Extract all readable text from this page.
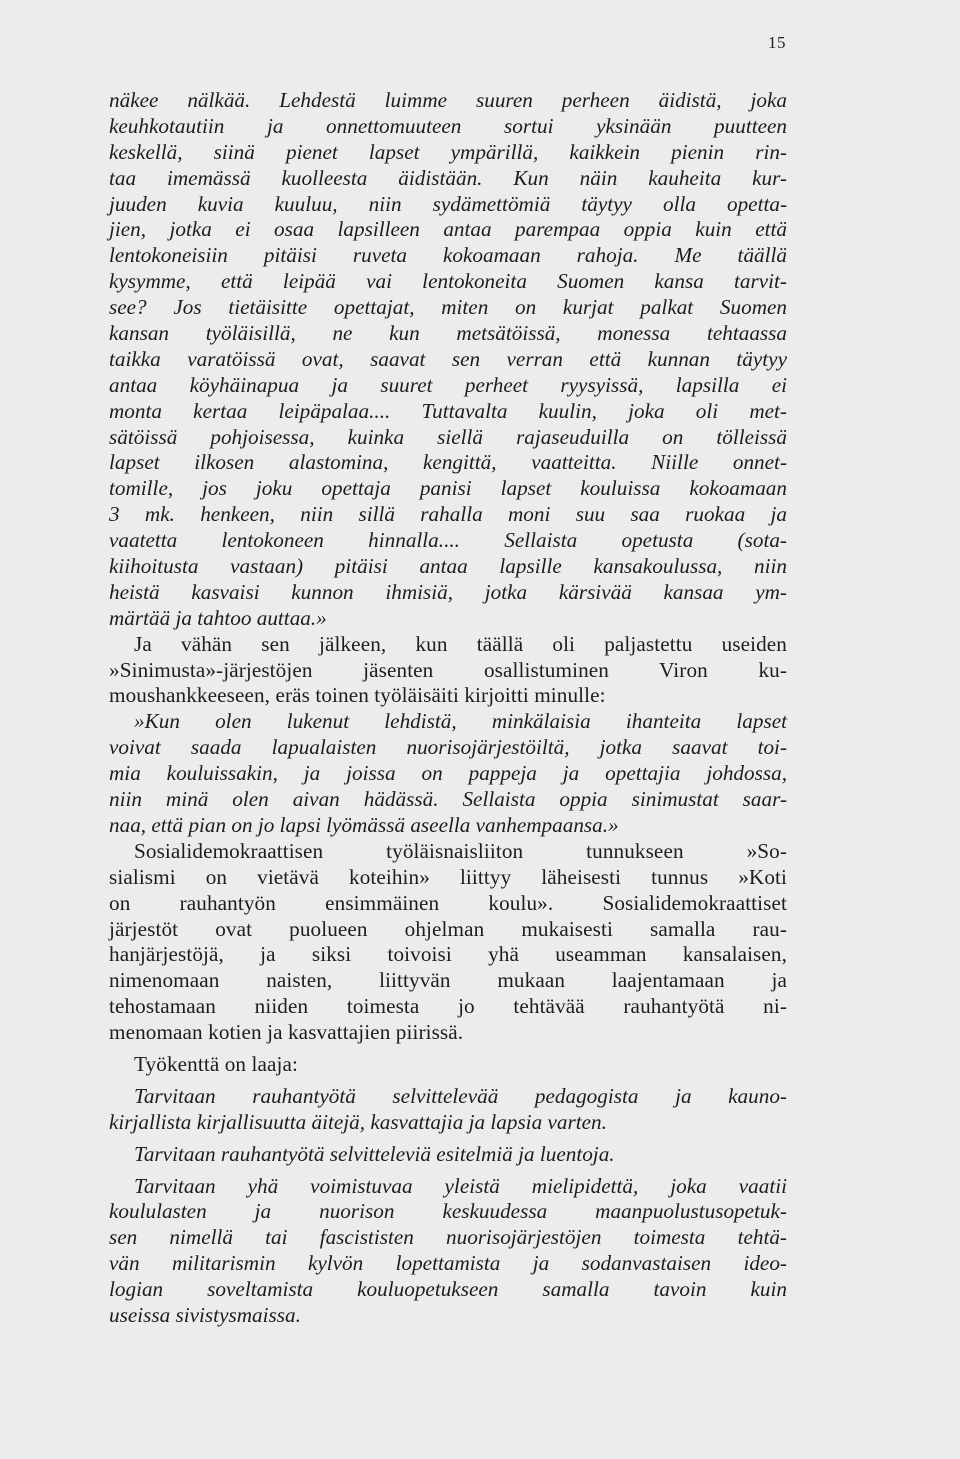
15
näkee nälkää. Lehdestä luimme suuren perheen äidistä, joka
keuhkotautiin ja onnettomuuteen sortui yksinään puutteen
keskellä, siinä pienet lapset ympärillä, kaikkein pienin rin-
taa imemässä kuolleesta äidistään. Kun näin kauheita kur-
juuden kuvia kuuluu, niin sydämettömiä täytyy olla opetta-
jien, jotka ei osaa lapsilleen antaa parempaa oppia kuin että
lentokoneisiin pitäisi ruveta kokoamaan rahoja. Me täällä
kysymme, että leipää vai lentokoneita Suomen kansa tarvit-
see? Jos tietäisitte opettajat, miten on kurjat palkat Suomen
kansan työläisillä, ne kun metsätöissä, monessa tehtaassa
taikka varatöissä ovat, saavat sen verran että kunnan täytyy
antaa köyhäinapua ja suuret perheet ryysyissä, lapsilla ei
monta kertaa leipäpalaa.... Tuttavalta kuulin, joka oli met-
sätöissä pohjoisessa, kuinka siellä rajaseuduilla on tölleissä
lapset ilkosen alastomina, kengittä, vaatteitta. Niille onnet-
tomille, jos joku opettaja panisi lapset kouluissa kokoamaan
3 mk. henkeen, niin sillä rahalla moni suu saa ruokaa ja
vaatetta lentokoneen hinnalla.... Sellaista opetusta (sota-
kiihoitusta vastaan) pitäisi antaa lapsille kansakoulussa, niin
heistä kasvaisi kunnon ihmisiä, jotka kärsivää kansaa ym-
märtää ja tahtoo auttaa.»
Ja vähän sen jälkeen, kun täällä oli paljastettu useiden
»Sinimusta»-järjestöjen jäsenten osallistuminen Viron ku-
moushankkeeseen, eräs toinen työläisäiti kirjoitti minulle:
»Kun olen lukenut lehdistä, minkälaisia ihanteita lapset
voivat saada lapualaisten nuorisojärjestöiltä, jotka saavat toi-
mia kouluissakin, ja joissa on pappeja ja opettajia johdossa,
niin minä olen aivan hädässä. Sellaista oppia sinimustat saar-
naa, että pian on jo lapsi lyömässä aseella vanhempaansa.»
Sosialidemokraattisen työläisnaisliiton tunnukseen »So-
sialismi on vietävä koteihin» liittyy läheisesti tunnus »Koti
on rauhantyön ensimmäinen koulu». Sosialidemokraattiset
järjestöt ovat puolueen ohjelman mukaisesti samalla rau-
hanjärjestöjä, ja siksi toivoisi yhä useamman kansalaisen,
nimenomaan naisten, liittyvän mukaan laajentamaan ja
tehostamaan niiden toimesta jo tehtävää rauhantyötä ni-
menomaan kotien ja kasvattajien piirissä.
Työkenttä on laaja:
Tarvitaan rauhantyötä selvittelevää pedagogista ja kauno-
kirjallista kirjallisuutta äitejä, kasvattajia ja lapsia varten.
Tarvitaan rauhantyötä selvitteleviä esitelmiä ja luentoja.
Tarvitaan yhä voimistuvaa yleistä mielipidettä, joka vaatii
koululasten ja nuorison keskuudessa maanpuolustusopetuk-
sen nimellä tai fascististen nuorisojärjestöjen toimesta tehtä-
vän militarismin kylvön lopettamista ja sodanvastaisen ideo-
logian soveltamista kouluopetukseen samalla tavoin kuin
useissa sivistysmaissa.
